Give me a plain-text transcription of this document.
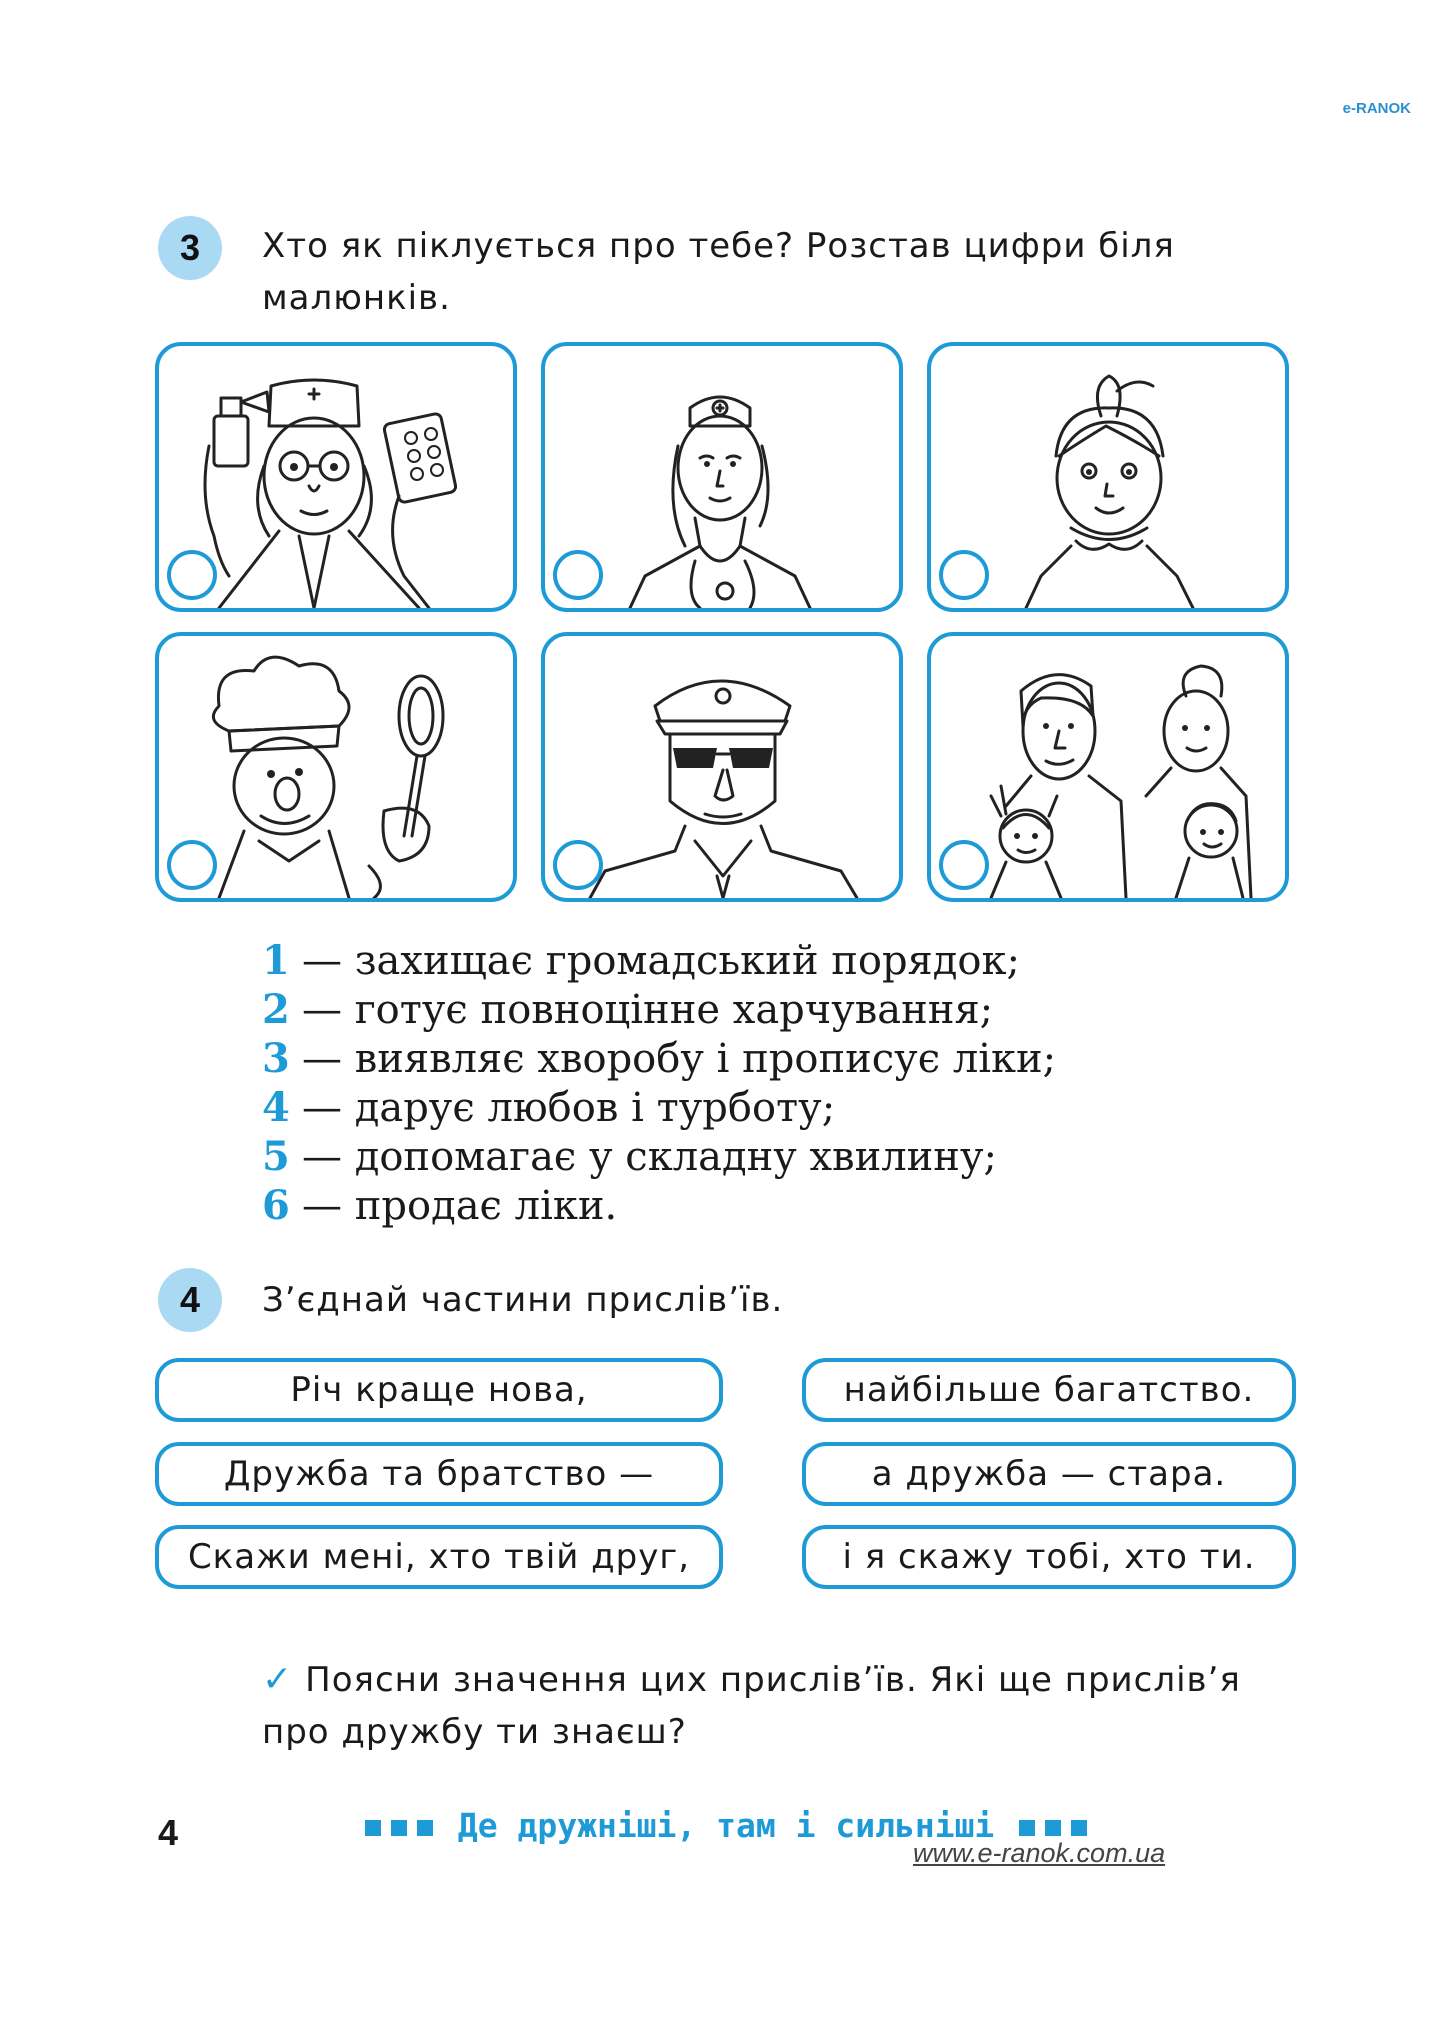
e-RANOK
3	Хто як піклується про тебе? Розстав цифри біля малюнків.
1 — захищає громадський порядок;
2 — готує повноцінне харчування;
3 — виявляє хворобу і прописує ліки;
4 — дарує любов і турботу;
5 — допомагає у складну хвилину;
6 — продає ліки.
4	З’єднай частини прислів’їв.
Річ краще нова,
Дружба та братство —
Скажи мені, хто твій друг,
найбільше багатство.
а дружба — стара.
і я скажу тобі, хто ти.
✓ Поясни значення цих прислів’їв. Які ще прислів’я
про дружбу ти знаєш?
4	Де дружніші, там і сильніші
www.e-ranok.com.ua
